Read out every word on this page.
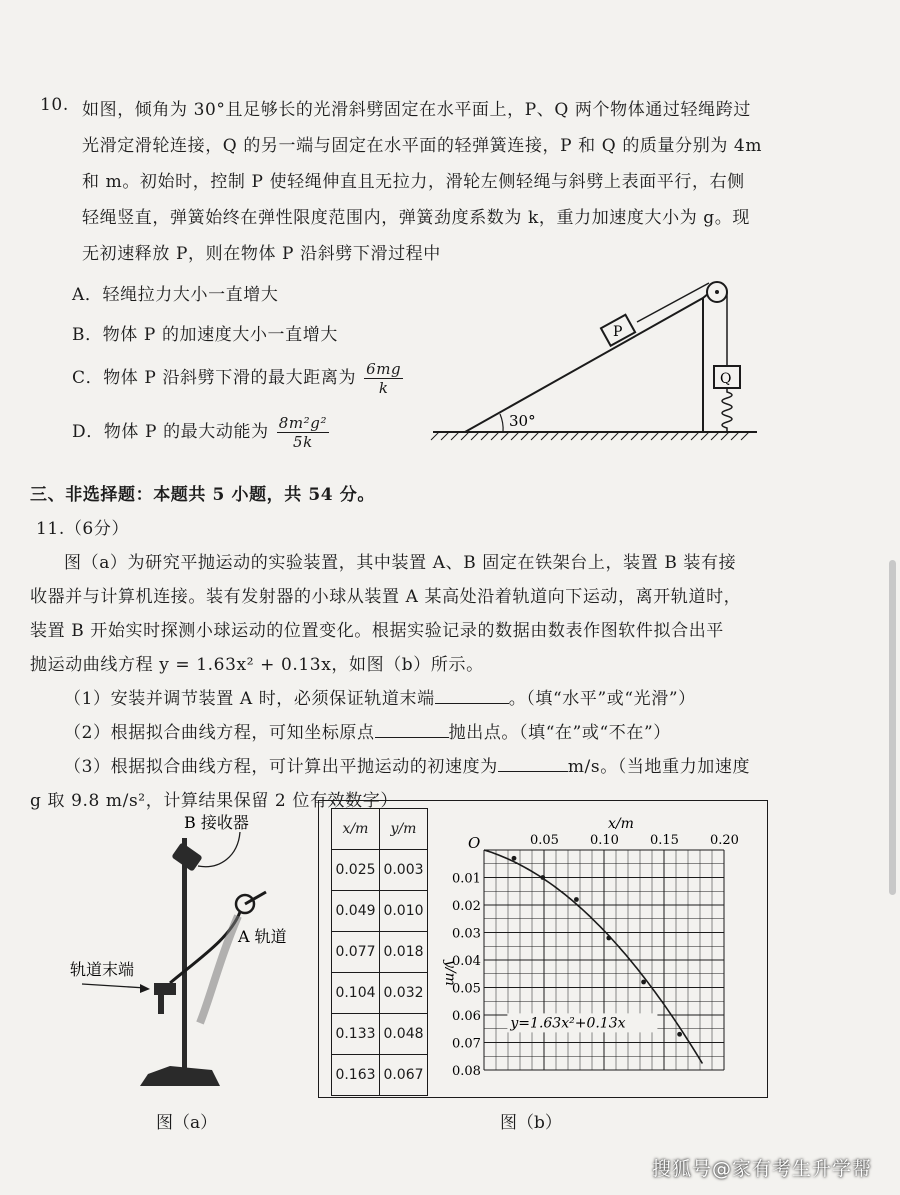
10. 如图，倾角为 30°且足够长的光滑斜劈固定在水平面上，P、Q 两个物体通过轻绳跨过
光滑定滑轮连接，Q 的另一端与固定在水平面的轻弹簧连接，P 和 Q 的质量分别为 4m
和 m。初始时，控制 P 使轻绳伸直且无拉力，滑轮左侧轻绳与斜劈上表面平行，右侧
轻绳竖直，弹簧始终在弹性限度范围内，弹簧劲度系数为 k，重力加速度大小为 g。现
无初速释放 P，则在物体 P 沿斜劈下滑过程中
A．轻绳拉力大小一直增大
B．物体 P 的加速度大小一直增大
C．物体 P 沿斜劈下滑的最大距离为 $\frac{6mg}{k}$
D．物体 P 的最大动能为 $\frac{\text{8m²g²}}{5k}$	30°
P
Q
三、非选择题：本题共 5 小题，共 54 分。
11.（6分）
图（a）为研究平抛运动的实验装置，其中装置 A、B 固定在铁架台上，装置 B 装有接
收器并与计算机连接。装有发射器的小球从装置 A 某高处沿着轨道向下运动，离开轨道时，
装置 B 开始实时探测小球运动的位置变化。根据实验记录的数据由数表作图软件拟合出平
抛运动曲线方程 y = 1.63x² + 0.13x，如图（b）所示。
（1）安装并调节装置 A 时，必须保证轨道末端	。（填“水平”或“光滑”）
（2）根据拟合曲线方程，可知坐标原点	抛出点。（填“在”或“不在”）
（3）根据拟合曲线方程，可计算出平抛运动的初速度为	m/s。（当地重力加速度
g 取 9.8 m/s²，计算结果保留 2 位有效数字）
B 接收器
A 轨道
轨道末端
图（a）
x/m	y/m
0.025	0.003
0.049	0.010
0.077	0.018
0.104	0.032
0.133	0.048
0.163	0.067
0.05 0.10 0.15 0.20
0.01
0.02
0.03
0.04
0.05
0.06
0.07
0.08
x/m
y/m
O
y=1.63x²+0.13x
图（b）
搜狐号@家有考生升学帮
